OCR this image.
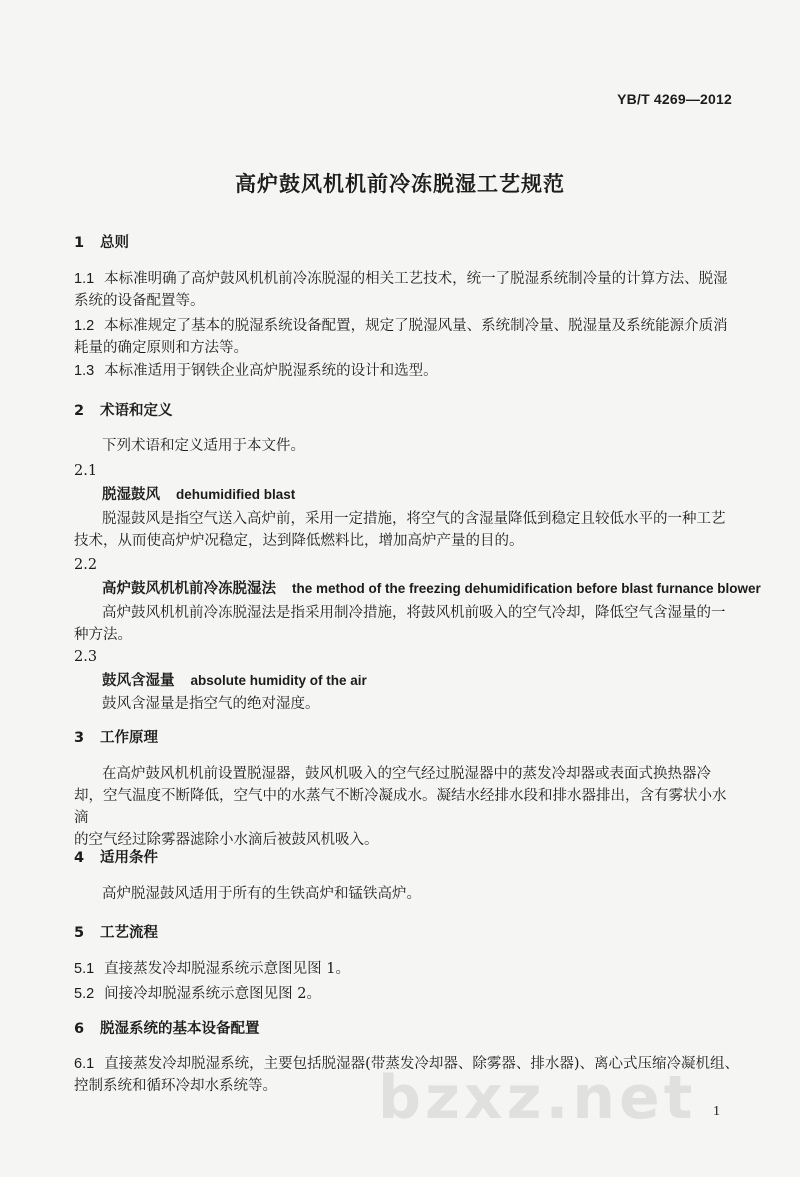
YB/T 4269—2012
高炉鼓风机机前冷冻脱湿工艺规范
1 总则
1.1 本标准明确了高炉鼓风机机前冷冻脱湿的相关工艺技术，统一了脱湿系统制冷量的计算方法、脱湿
系统的设备配置等。
1.2 本标准规定了基本的脱湿系统设备配置，规定了脱湿风量、系统制冷量、脱湿量及系统能源介质消
耗量的确定原则和方法等。
1.3 本标准适用于钢铁企业高炉脱湿系统的设计和选型。
2 术语和定义
下列术语和定义适用于本文件。
2.1
脱湿鼓风 dehumidified blast
脱湿鼓风是指空气送入高炉前，采用一定措施，将空气的含湿量降低到稳定且较低水平的一种工艺
技术，从而使高炉炉况稳定，达到降低燃料比，增加高炉产量的目的。
2.2
高炉鼓风机机前冷冻脱湿法 the method of the freezing dehumidification before blast furnance blower
高炉鼓风机机前冷冻脱湿法是指采用制冷措施，将鼓风机前吸入的空气冷却，降低空气含湿量的一
种方法。
2.3
鼓风含湿量 absolute humidity of the air
鼓风含湿量是指空气的绝对湿度。
3 工作原理
在高炉鼓风机机前设置脱湿器，鼓风机吸入的空气经过脱湿器中的蒸发冷却器或表面式换热器冷
却，空气温度不断降低，空气中的水蒸气不断冷凝成水。凝结水经排水段和排水器排出，含有雾状小水滴
的空气经过除雾器滤除小水滴后被鼓风机吸入。
4 适用条件
高炉脱湿鼓风适用于所有的生铁高炉和锰铁高炉。
5 工艺流程
5.1 直接蒸发冷却脱湿系统示意图见图 1。
5.2 间接冷却脱湿系统示意图见图 2。
6 脱湿系统的基本设备配置
6.1 直接蒸发冷却脱湿系统，主要包括脱湿器(带蒸发冷却器、除雾器、排水器)、离心式压缩冷凝机组、
控制系统和循环冷却水系统等。	bzxz.net 1
